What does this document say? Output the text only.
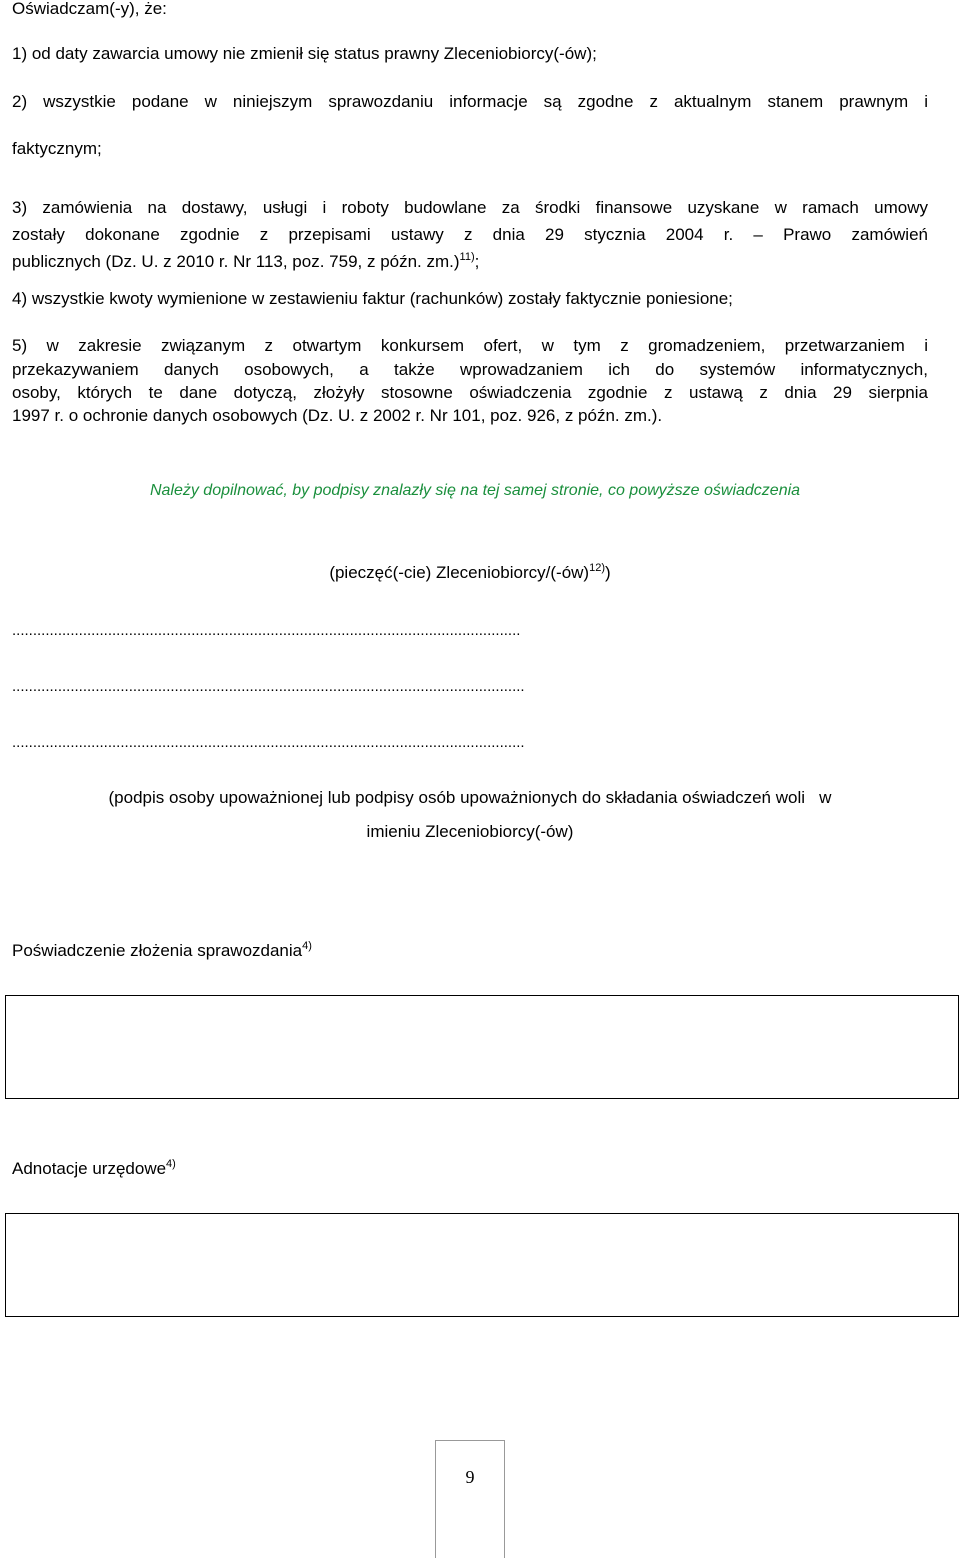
Oświadczam(-y), że:
1) od daty zawarcia umowy nie zmienił się status prawny Zleceniobiorcy(-ów);
2) wszystkie podane w niniejszym sprawozdaniu informacje są zgodne z aktualnym stanem prawnym i
faktycznym;
3) zamówienia na dostawy, usługi i roboty budowlane za środki finansowe uzyskane w ramach umowy
zostały dokonane zgodnie z przepisami ustawy z dnia 29 stycznia 2004 r. – Prawo zamówień
publicznych (Dz. U. z 2010 r. Nr 113, poz. 759, z późn. zm.)$^{11)}$;
4) wszystkie kwoty wymienione w zestawieniu faktur (rachunków) zostały faktycznie poniesione;
5) w zakresie związanym z otwartym konkursem ofert, w tym z gromadzeniem, przetwarzaniem i
przekazywaniem danych osobowych, a także wprowadzaniem ich do systemów informatycznych,
osoby, których te dane dotyczą, złożyły stosowne oświadczenia zgodnie z ustawą z dnia 29 sierpnia
1997 r. o ochronie danych osobowych (Dz. U. z 2002 r. Nr 101, poz. 926, z późn. zm.).
Należy dopilnować, by podpisy znalazły się na tej samej stronie, co powyższe oświadczenia
(pieczęć(-cie) Zleceniobiorcy/(-ów)$^{12)}$)
..........................................................................................................................
...........................................................................................................................
...........................................................................................................................
(podpis osoby upoważnionej lub podpisy osób upoważnionych do składania oświadczeń woli   w
imieniu Zleceniobiorcy(-ów)
Poświadczenie złożenia sprawozdania$^{4)}$
Adnotacje urzędowe$^{4)}$
9
